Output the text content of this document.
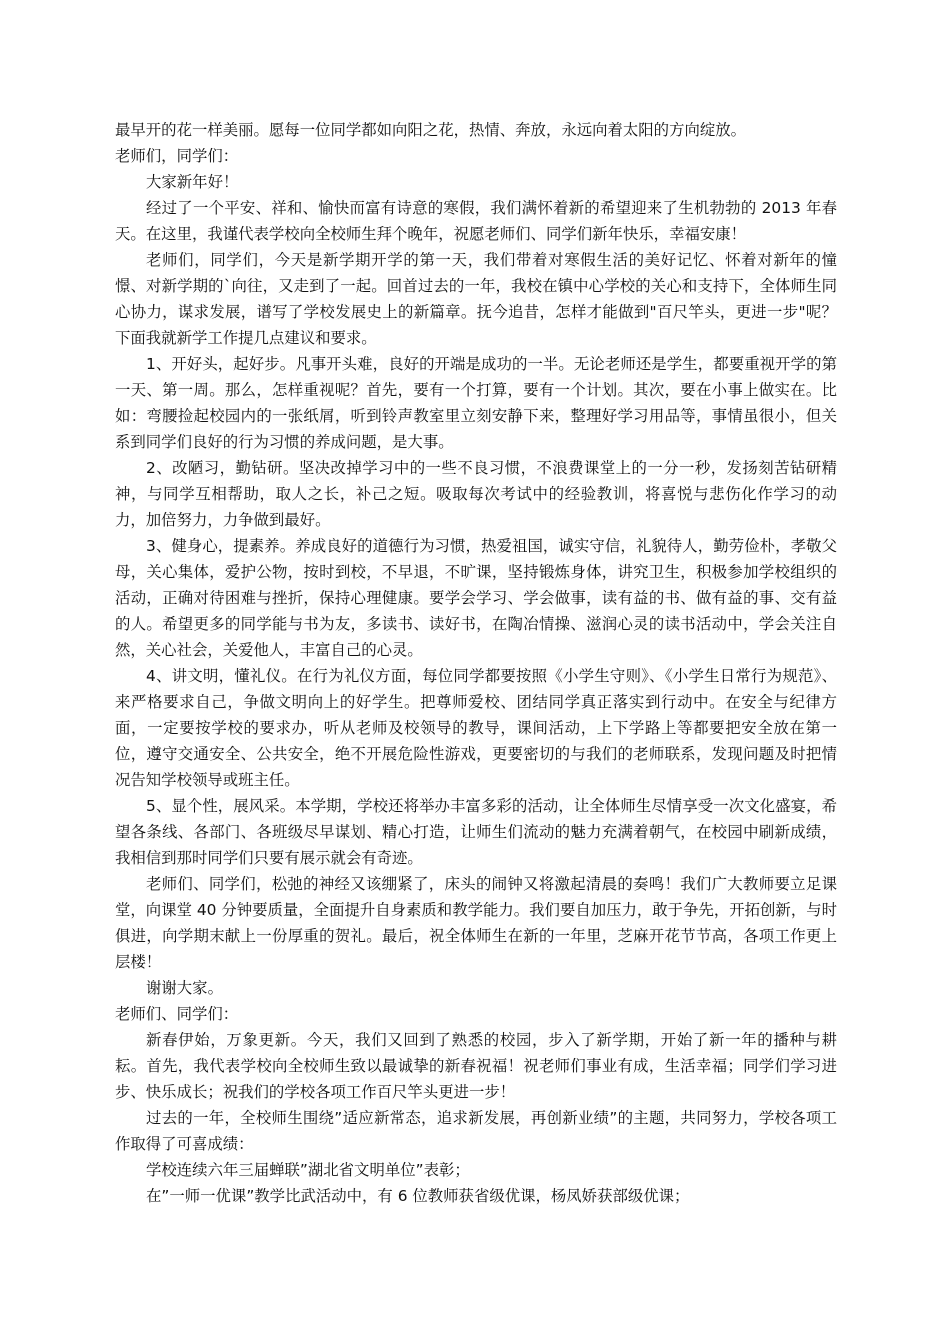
最早开的花一样美丽。愿每一位同学都如向阳之花，热情、奔放，永远向着太阳的方向绽放。

老师们，同学们：

大家新年好！

经过了一个平安、祥和、愉快而富有诗意的寒假，我们满怀着新的希望迎来了生机勃勃的 2013 年春天。在这里，我谨代表学校向全校师生拜个晚年，祝愿老师们、同学们新年快乐，幸福安康！

老师们，同学们，今天是新学期开学的第一天，我们带着对寒假生活的美好记忆、怀着对新年的憧憬、对新学期的`向往，又走到了一起。回首过去的一年，我校在镇中心学校的关心和支持下，全体师生同心协力，谋求发展，谱写了学校发展史上的新篇章。抚今追昔，怎样才能做到"百尺竿头，更进一步"呢？下面我就新学工作提几点建议和要求。

1、开好头，起好步。凡事开头难，良好的开端是成功的一半。无论老师还是学生，都要重视开学的第一天、第一周。那么，怎样重视呢？首先，要有一个打算，要有一个计划。其次，要在小事上做实在。比如：弯腰捡起校园内的一张纸屑，听到铃声教室里立刻安静下来，整理好学习用品等，事情虽很小，但关系到同学们良好的行为习惯的养成问题，是大事。

2、改陋习，勤钻研。坚决改掉学习中的一些不良习惯，不浪费课堂上的一分一秒，发扬刻苦钻研精神，与同学互相帮助，取人之长，补己之短。吸取每次考试中的经验教训，将喜悦与悲伤化作学习的动力，加倍努力，力争做到最好。

3、健身心，提素养。养成良好的道德行为习惯，热爱祖国，诚实守信，礼貌待人，勤劳俭朴，孝敬父母，关心集体，爱护公物，按时到校，不早退，不旷课，坚持锻炼身体，讲究卫生，积极参加学校组织的活动，正确对待困难与挫折，保持心理健康。要学会学习、学会做事，读有益的书、做有益的事、交有益的人。希望更多的同学能与书为友，多读书、读好书，在陶冶情操、滋润心灵的读书活动中，学会关注自然，关心社会，关爱他人，丰富自己的心灵。

4、讲文明，懂礼仪。在行为礼仪方面，每位同学都要按照《小学生守则》、《小学生日常行为规范》、来严格要求自己，争做文明向上的好学生。把尊师爱校、团结同学真正落实到行动中。在安全与纪律方面，一定要按学校的要求办，听从老师及校领导的教导，课间活动，上下学路上等都要把安全放在第一位，遵守交通安全、公共安全，绝不开展危险性游戏，更要密切的与我们的老师联系，发现问题及时把情况告知学校领导或班主任。

5、显个性，展风采。本学期，学校还将举办丰富多彩的活动，让全体师生尽情享受一次文化盛宴，希望各条线、各部门、各班级尽早谋划、精心打造，让师生们流动的魅力充满着朝气，在校园中刷新成绩，我相信到那时同学们只要有展示就会有奇迹。

老师们、同学们，松弛的神经又该绷紧了，床头的闹钟又将激起清晨的奏鸣！我们广大教师要立足课堂，向课堂 40 分钟要质量，全面提升自身素质和教学能力。我们要自加压力，敢于争先，开拓创新，与时俱进，向学期末献上一份厚重的贺礼。最后，祝全体师生在新的一年里，芝麻开花节节高，各项工作更上层楼！

谢谢大家。

老师们、同学们：

新春伊始，万象更新。今天，我们又回到了熟悉的校园，步入了新学期，开始了新一年的播种与耕耘。首先，我代表学校向全校师生致以最诚挚的新春祝福！祝老师们事业有成，生活幸福；同学们学习进步、快乐成长；祝我们的学校各项工作百尺竿头更进一步！

过去的一年，全校师生围绕”适应新常态，追求新发展，再创新业绩”的主题，共同努力，学校各项工作取得了可喜成绩：

学校连续六年三届蝉联”湖北省文明单位”表彰；

在”一师一优课”教学比武活动中，有 6 位教师获省级优课，杨凤娇获部级优课；
